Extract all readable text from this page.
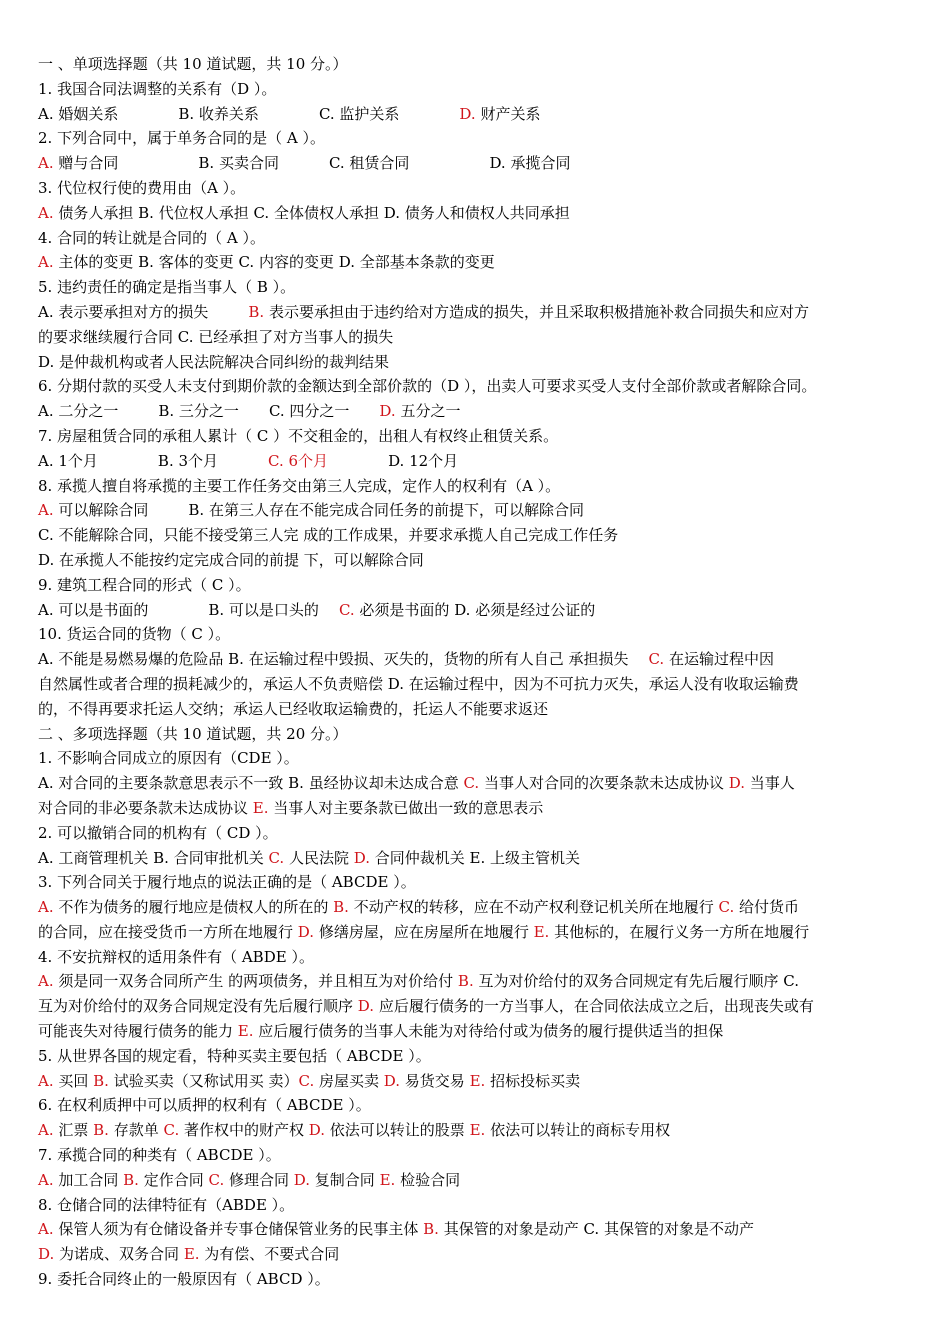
一 、单项选择题（共 10 道试题，共 10 分。）
1. 我国合同法调整的关系有（D ）。
A. 婚姻关系	B. 收养关系	C. 监护关系	D. 财产关系
2. 下列合同中，属于单务合同的是（ A ）。
A. 赠与合同	B. 买卖合同	C. 租赁合同	D. 承揽合同
3. 代位权行使的费用由（A ）。
A. 债务人承担 B. 代位权人承担 C. 全体债权人承担 D. 债务人和债权人共同承担
4. 合同的转让就是合同的（ A ）。
A. 主体的变更 B. 客体的变更 C. 内容的变更 D. 全部基本条款的变更
5. 违约责任的确定是指当事人（ B ）。
A. 表示要承担对方的损失	B. 表示要承担由于违约给对方造成的损失，并且采取积极措施补救合同损失和应对方
的要求继续履行合同 C. 已经承担了对方当事人的损失
D. 是仲裁机构或者人民法院解决合同纠纷的裁判结果
6. 分期付款的买受人未支付到期价款的金额达到全部价款的（D ），出卖人可要求买受人支付全部价款或者解除合同。
A. 二分之一	B. 三分之一 C. 四分之一 D. 五分之一
7. 房屋租赁合同的承租人累计（ C ）不交租金的，出租人有权终止租赁关系。
A. 1个月	B. 3个月	C. 6个月	D. 12个月
8. 承揽人擅自将承揽的主要工作任务交由第三人完成，定作人的权利有（A ）。
A. 可以解除合同	B. 在第三人存在不能完成合同任务的前提下，可以解除合同
C. 不能解除合同，只能不接受第三人完 成的工作成果，并要求承揽人自己完成工作任务
D. 在承揽人不能按约定完成合同的前提 下，可以解除合同
9. 建筑工程合同的形式（ C ）。
A. 可以是书面的	B. 可以是口头的 C. 必须是书面的 D. 必须是经过公证的
10. 货运合同的货物（ C ）。
A. 不能是易燃易爆的危险品 B. 在运输过程中毁损、灭失的，货物的所有人自己 承担损失 C. 在运输过程中因
自然属性或者合理的损耗减少的，承运人不负责赔偿 D. 在运输过程中，因为不可抗力灭失，承运人没有收取运输费
的，不得再要求托运人交纳；承运人已经收取运输费的，托运人不能要求返还
二 、多项选择题（共 10 道试题，共 20 分。）
1. 不影响合同成立的原因有（CDE ）。
A. 对合同的主要条款意思表示不一致 B. 虽经协议却未达成合意 C. 当事人对合同的次要条款未达成协议 D. 当事人
对合同的非必要条款未达成协议 E. 当事人对主要条款已做出一致的意思表示
2. 可以撤销合同的机构有（ CD ）。
A. 工商管理机关 B. 合同审批机关 C. 人民法院 D. 合同仲裁机关 E. 上级主管机关
3. 下列合同关于履行地点的说法正确的是（ ABCDE ）。
A. 不作为债务的履行地应是债权人的所在的 B. 不动产权的转移，应在不动产权利登记机关所在地履行 C. 给付货币
的合同，应在接受货币一方所在地履行 D. 修缮房屋，应在房屋所在地履行 E. 其他标的，在履行义务一方所在地履行
4. 不安抗辩权的适用条件有（ ABDE ）。
A. 须是同一双务合同所产生 的两项债务，并且相互为对价给付 B. 互为对价给付的双务合同规定有先后履行顺序 C.
互为对价给付的双务合同规定没有先后履行顺序 D. 应后履行债务的一方当事人，在合同依法成立之后，出现丧失或有
可能丧失对待履行债务的能力 E. 应后履行债务的当事人未能为对待给付或为债务的履行提供适当的担保
5. 从世界各国的规定看，特种买卖主要包括（ ABCDE ）。
A. 买回 B. 试验买卖（又称试用买 卖）C. 房屋买卖 D. 易货交易 E. 招标投标买卖
6. 在权利质押中可以质押的权利有（ ABCDE ）。
A. 汇票 B. 存款单 C. 著作权中的财产权 D. 依法可以转让的股票 E. 依法可以转让的商标专用权
7. 承揽合同的种类有（ ABCDE ）。
A. 加工合同 B. 定作合同 C. 修理合同 D. 复制合同 E. 检验合同
8. 仓储合同的法律特征有（ABDE ）。
A. 保管人须为有仓储设备并专事仓储保管业务的民事主体 B. 其保管的对象是动产 C. 其保管的对象是不动产
D. 为诺成、双务合同 E. 为有偿、不要式合同
9. 委托合同终止的一般原因有（ ABCD ）。
